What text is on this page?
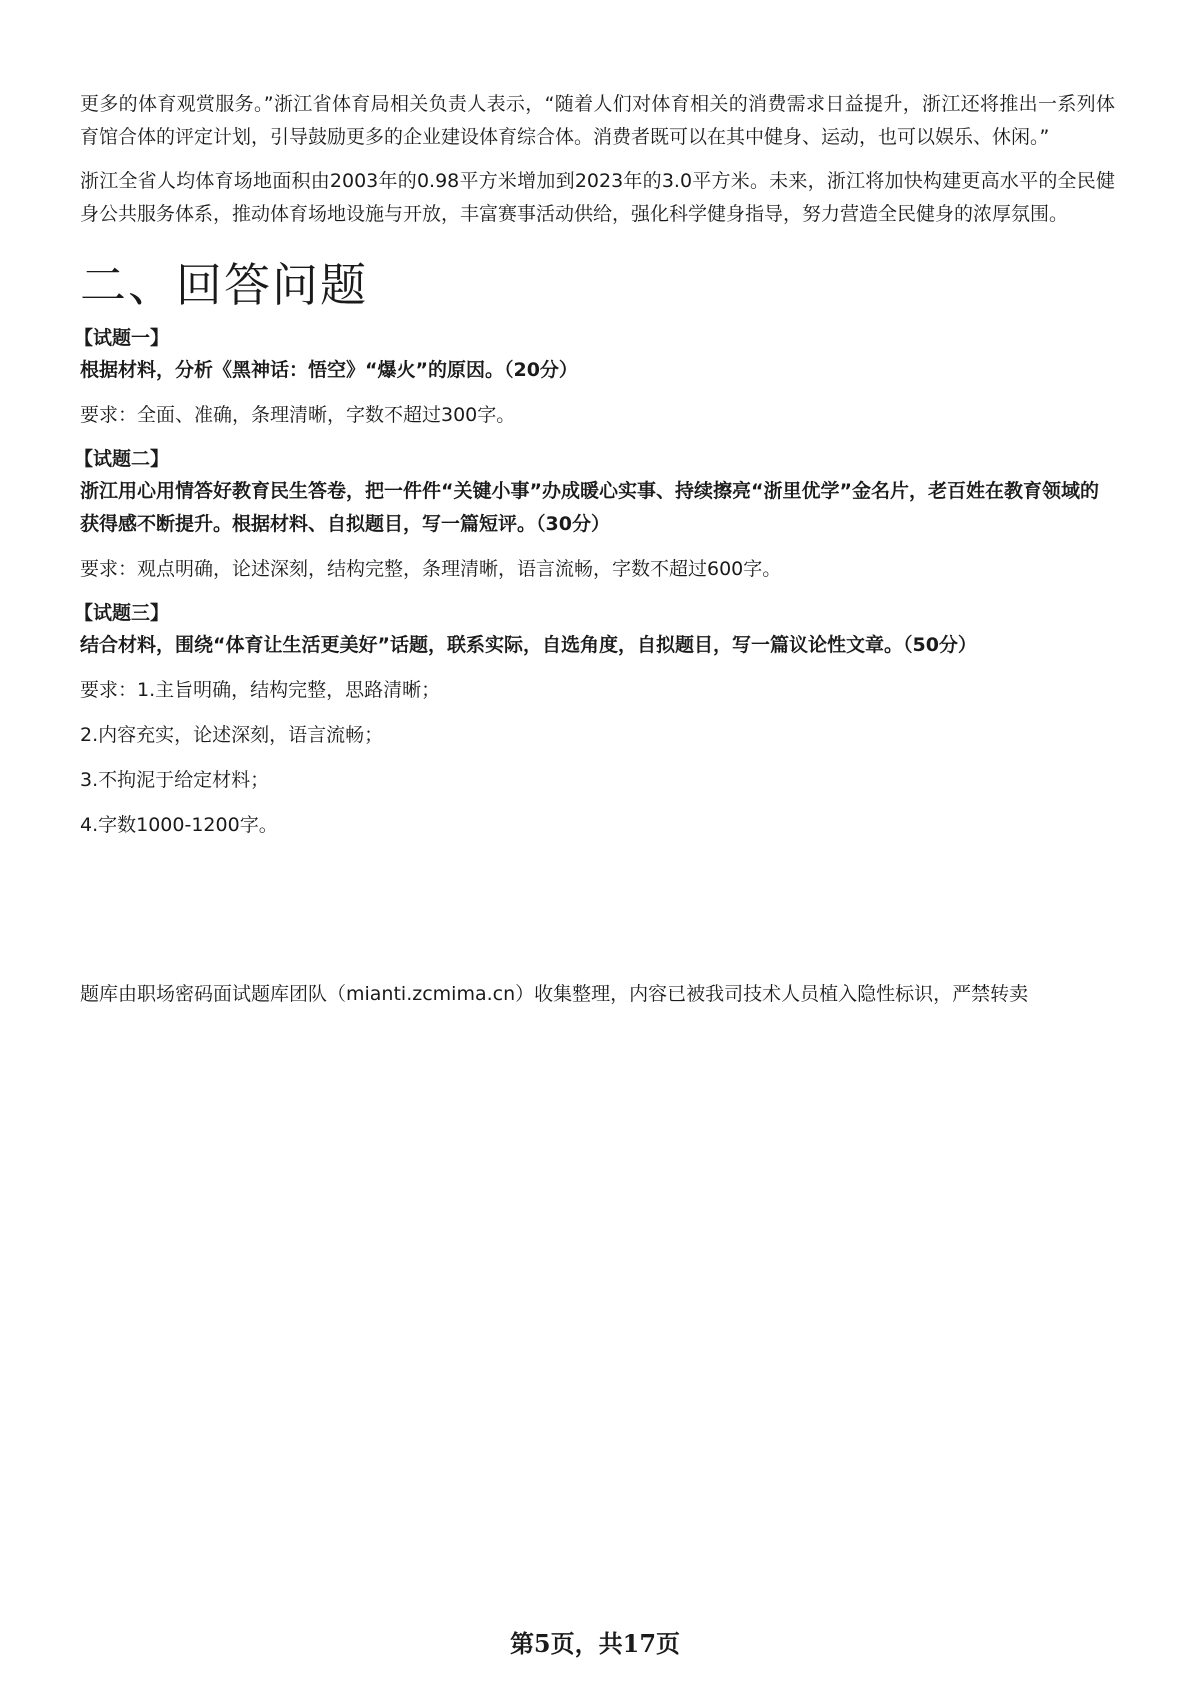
更多的体育观赏服务。”浙江省体育局相关负责人表示，“随着人们对体育相关的消费需求日益提升，浙江还将推出一系列体育馆合体的评定计划，引导鼓励更多的企业建设体育综合体。消费者既可以在其中健身、运动，也可以娱乐、休闲。”

浙江全省人均体育场地面积由2003年的0.98平方米增加到2023年的3.0平方米。未来，浙江将加快构建更高水平的全民健身公共服务体系，推动体育场地设施与开放，丰富赛事活动供给，强化科学健身指导，努力营造全民健身的浓厚氛围。

二、回答问题
【试题一】
根据材料，分析《黑神话：悟空》“爆火”的原因。（20分）
要求：全面、准确，条理清晰，字数不超过300字。
【试题二】
浙江用心用情答好教育民生答卷，把一件件“关键小事”办成暖心实事、持续擦亮“浙里优学”金名片，老百姓在教育领域的获得感不断提升。根据材料、自拟题目，写一篇短评。（30分）
要求：观点明确，论述深刻，结构完整，条理清晰，语言流畅，字数不超过600字。
【试题三】
结合材料，围绕“体育让生活更美好”话题，联系实际，自选角度，自拟题目，写一篇议论性文章。（50分）
要求：1.主旨明确，结构完整，思路清晰；
2.内容充实，论述深刻，语言流畅；
3.不拘泥于给定材料；
4.字数1000-1200字。
题库由职场密码面试题库团队（mianti.zcmima.cn）收集整理，内容已被我司技术人员植入隐性标识，严禁转卖
第5页，共17页
